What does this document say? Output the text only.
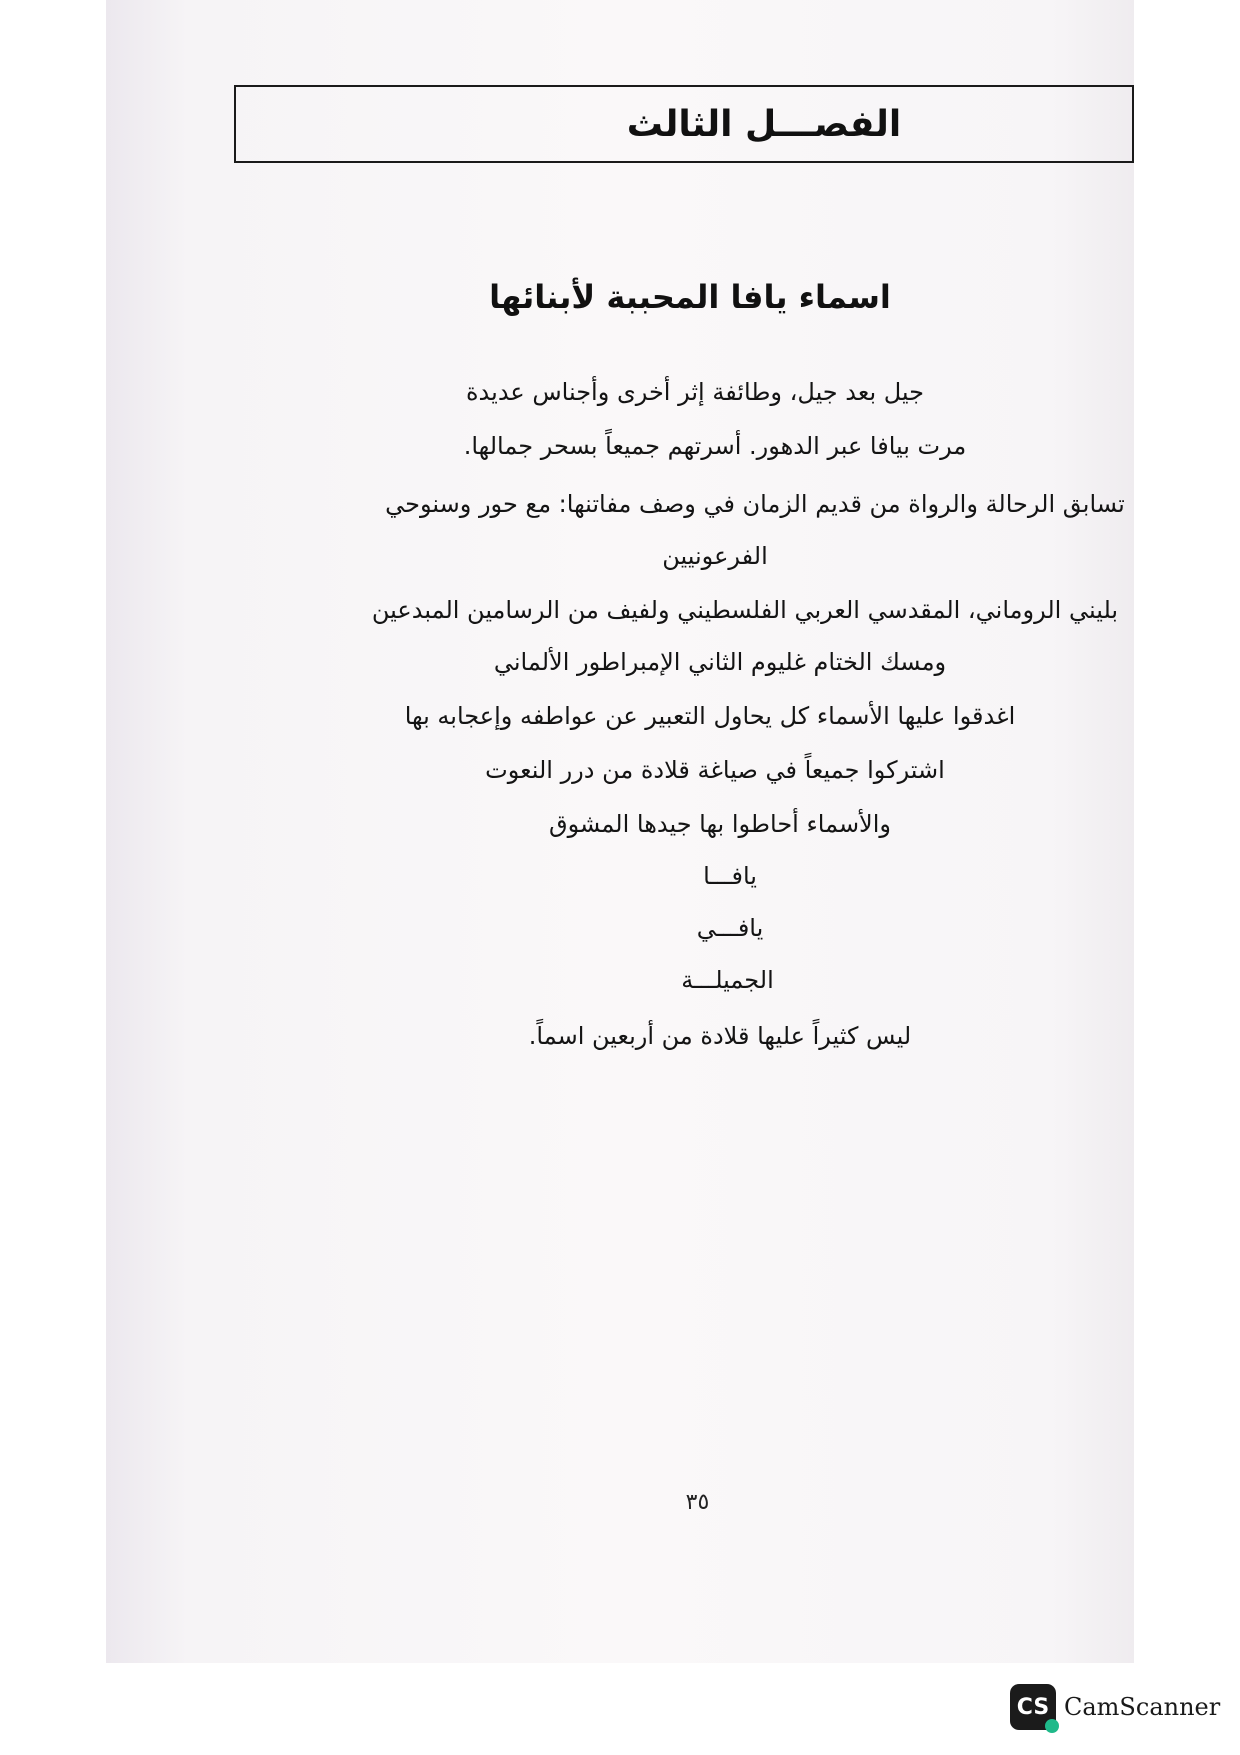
الفصـــل الثالث
اسماء يافا المحببة لأبنائها
جيل بعد جيل، وطائفة إثر أخرى وأجناس عديدة
مرت بيافا عبر الدهور. أسرتهم جميعاً بسحر جمالها.
تسابق الرحالة والرواة من قديم الزمان في وصف مفاتنها: مع حور وسنوحي
الفرعونيين
بليني الروماني، المقدسي العربي الفلسطيني ولفيف من الرسامين المبدعين
ومسك الختام غليوم الثاني الإمبراطور الألماني
اغدقوا عليها الأسماء كل يحاول التعبير عن عواطفه وإعجابه بها
اشتركوا جميعاً في صياغة قلادة من درر النعوت
والأسماء أحاطوا بها جيدها المشوق
يافـــا
يافـــي
الجميلـــة
ليس كثيراً عليها قلادة من أربعين اسماً.
٣٥
CS CamScanner
